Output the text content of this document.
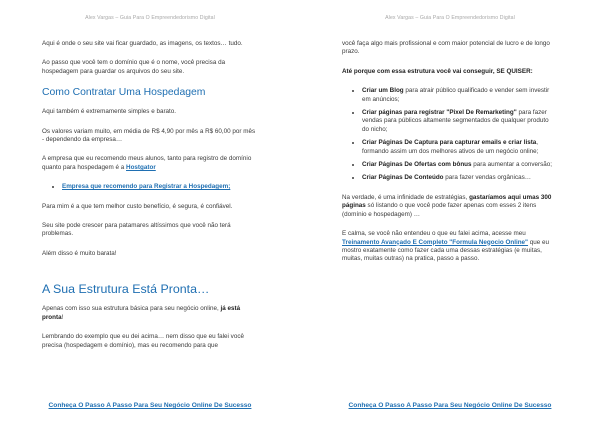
Alex Vargas – Guia Para O Empreendedorismo Digital

Aqui é onde o seu site vai ficar guardado, as imagens, os textos… tudo.

Ao passo que você tem o domínio que é o nome, você precisa da hospedagem para guardar os arquivos do seu site.

Como Contratar Uma Hospedagem

Aqui também é extremamente simples e barato.

Os valores variam muito, em média de R$ 4,90 por mês a R$ 60,00 por mês - dependendo da empresa…

A empresa que eu recomendo meus alunos, tanto para registro de domínio quanto para hospedagem é a Hostgator

• Empresa que recomendo para Registrar a Hospedagem;

Para mim é a que tem melhor custo benefício, é segura, é confiável.

Seu site pode crescer para patamares altíssimos que você não terá problemas.

Além disso é muito barata!

A Sua Estrutura Está Pronta…

Apenas com isso sua estrutura básica para seu negócio online, já está pronta!

Lembrando do exemplo que eu dei acima… nem disso que eu falei você precisa (hospedagem e domínio), mas eu recomendo para que

Conheça O Passo A Passo Para Seu Negócio Online De Sucesso
Alex Vargas – Guia Para O Empreendedorismo Digital

você faça algo mais profissional e com maior potencial de lucro e de longo prazo.

Até porque com essa estrutura você vai conseguir, SE QUISER:

• Criar um Blog para atrair público qualificado e vender sem investir em anúncios;
• Criar páginas para registrar "Pixel De Remarketing" para fazer vendas para públicos altamente segmentados de qualquer produto do nicho;
• Criar Páginas De Captura para capturar emails e criar lista, formando assim um dos melhores ativos de um negócio online;
• Criar Páginas De Ofertas com bônus para aumentar a conversão;
• Criar Páginas De Conteúdo para fazer vendas orgânicas…

Na verdade, é uma infinidade de estratégias, gastaríamos aqui umas 300 páginas só listando o que você pode fazer apenas com esses 2 itens (domínio e hospedagem) …

E calma, se você não entendeu o que eu falei acima, acesse meu Treinamento Avançado E Completo "Formula Negocio Online" que eu mostro exatamente como fazer cada uma dessas estratégias (e muitas, muitas, muitas outras) na pratica, passo a passo.

Conheça O Passo A Passo Para Seu Negócio Online De Sucesso
